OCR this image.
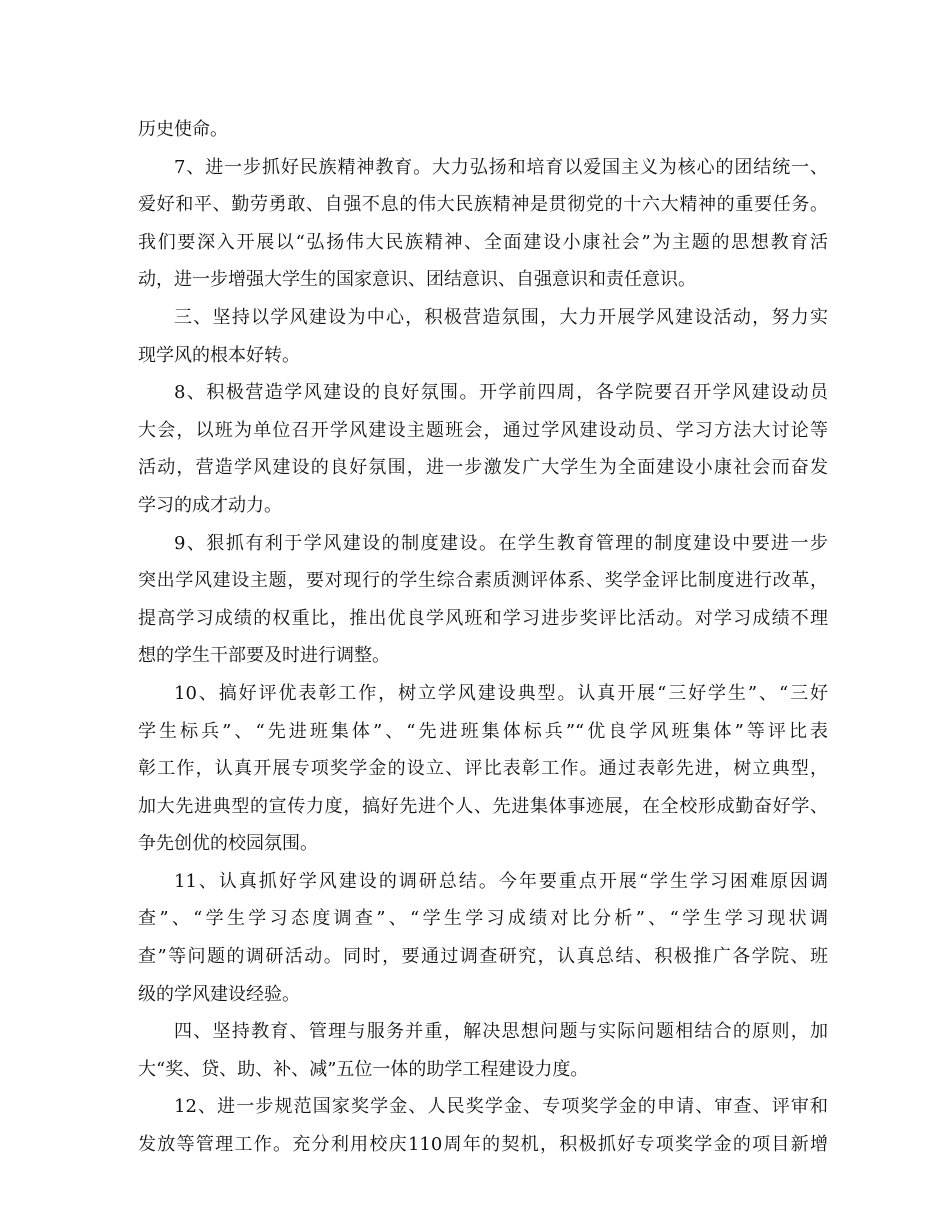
历史使命。
7、进一步抓好民族精神教育。大力弘扬和培育以爱国主义为核心的团结统一、
爱好和平、勤劳勇敢、自强不息的伟大民族精神是贯彻党的十六大精神的重要任务。
我们要深入开展以“弘扬伟大民族精神、全面建设小康社会”为主题的思想教育活
动，进一步增强大学生的国家意识、团结意识、自强意识和责任意识。
三、坚持以学风建设为中心，积极营造氛围，大力开展学风建设活动，努力实
现学风的根本好转。
8、积极营造学风建设的良好氛围。开学前四周，各学院要召开学风建设动员
大会，以班为单位召开学风建设主题班会，通过学风建设动员、学习方法大讨论等
活动，营造学风建设的良好氛围，进一步激发广大学生为全面建设小康社会而奋发
学习的成才动力。
9、狠抓有利于学风建设的制度建设。在学生教育管理的制度建设中要进一步
突出学风建设主题，要对现行的学生综合素质测评体系、奖学金评比制度进行改革，
提高学习成绩的权重比，推出优良学风班和学习进步奖评比活动。对学习成绩不理
想的学生干部要及时进行调整。
10、搞好评优表彰工作，树立学风建设典型。认真开展“三好学生”、“三好
学生标兵”、“先进班集体”、“先进班集体标兵”“优良学风班集体”等评比表
彰工作，认真开展专项奖学金的设立、评比表彰工作。通过表彰先进，树立典型，
加大先进典型的宣传力度，搞好先进个人、先进集体事迹展，在全校形成勤奋好学、
争先创优的校园氛围。
11、认真抓好学风建设的调研总结。今年要重点开展“学生学习困难原因调
查”、“学生学习态度调查”、“学生学习成绩对比分析”、“学生学习现状调
查”等问题的调研活动。同时，要通过调查研究，认真总结、积极推广各学院、班
级的学风建设经验。
四、坚持教育、管理与服务并重，解决思想问题与实际问题相结合的原则，加
大“奖、贷、助、补、减”五位一体的助学工程建设力度。
12、进一步规范国家奖学金、人民奖学金、专项奖学金的申请、审查、评审和
发放等管理工作。充分利用校庆110周年的契机，积极抓好专项奖学金的项目新增
